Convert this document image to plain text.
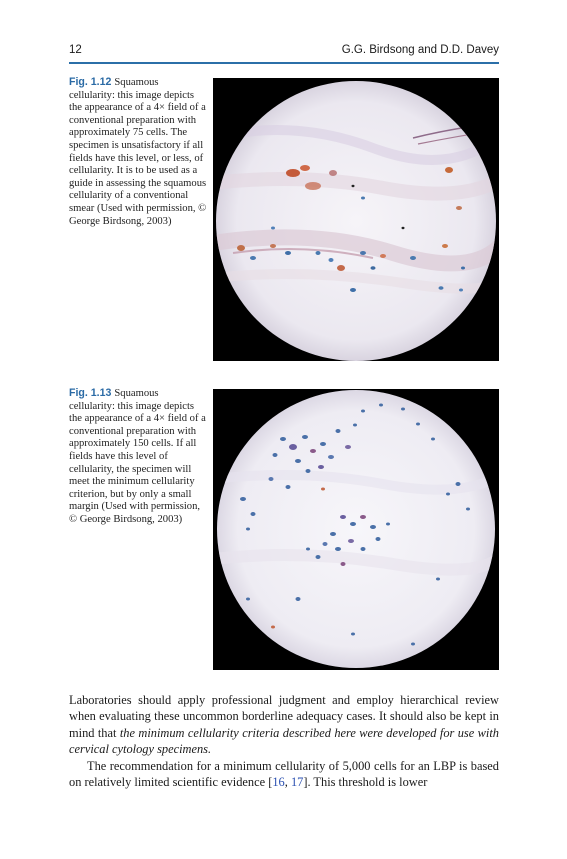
12	G.G. Birdsong and D.D. Davey
Fig. 1.12 Squamous cellularity: this image depicts the appearance of a 4× field of a conventional preparation with approximately 75 cells. The specimen is unsatisfactory if all fields have this level, or less, of cellularity. It is to be used as a guide in assessing the squamous cellularity of a conventional smear (Used with permission, © George Birdsong, 2003)
Fig. 1.13 Squamous cellularity: this image depicts the appearance of a 4× field of a conventional preparation with approximately 150 cells. If all fields have this level of cellularity, the specimen will meet the minimum cellularity criterion, but by only a small margin (Used with permission, © George Birdsong, 2003)
Laboratories should apply professional judgment and employ hierarchical review when evaluating these uncommon borderline adequacy cases. It should also be kept in mind that the minimum cellularity criteria described here were developed for use with cervical cytology specimens.
The recommendation for a minimum cellularity of 5,000 cells for an LBP is based on relatively limited scientific evidence [16, 17]. This threshold is lower
